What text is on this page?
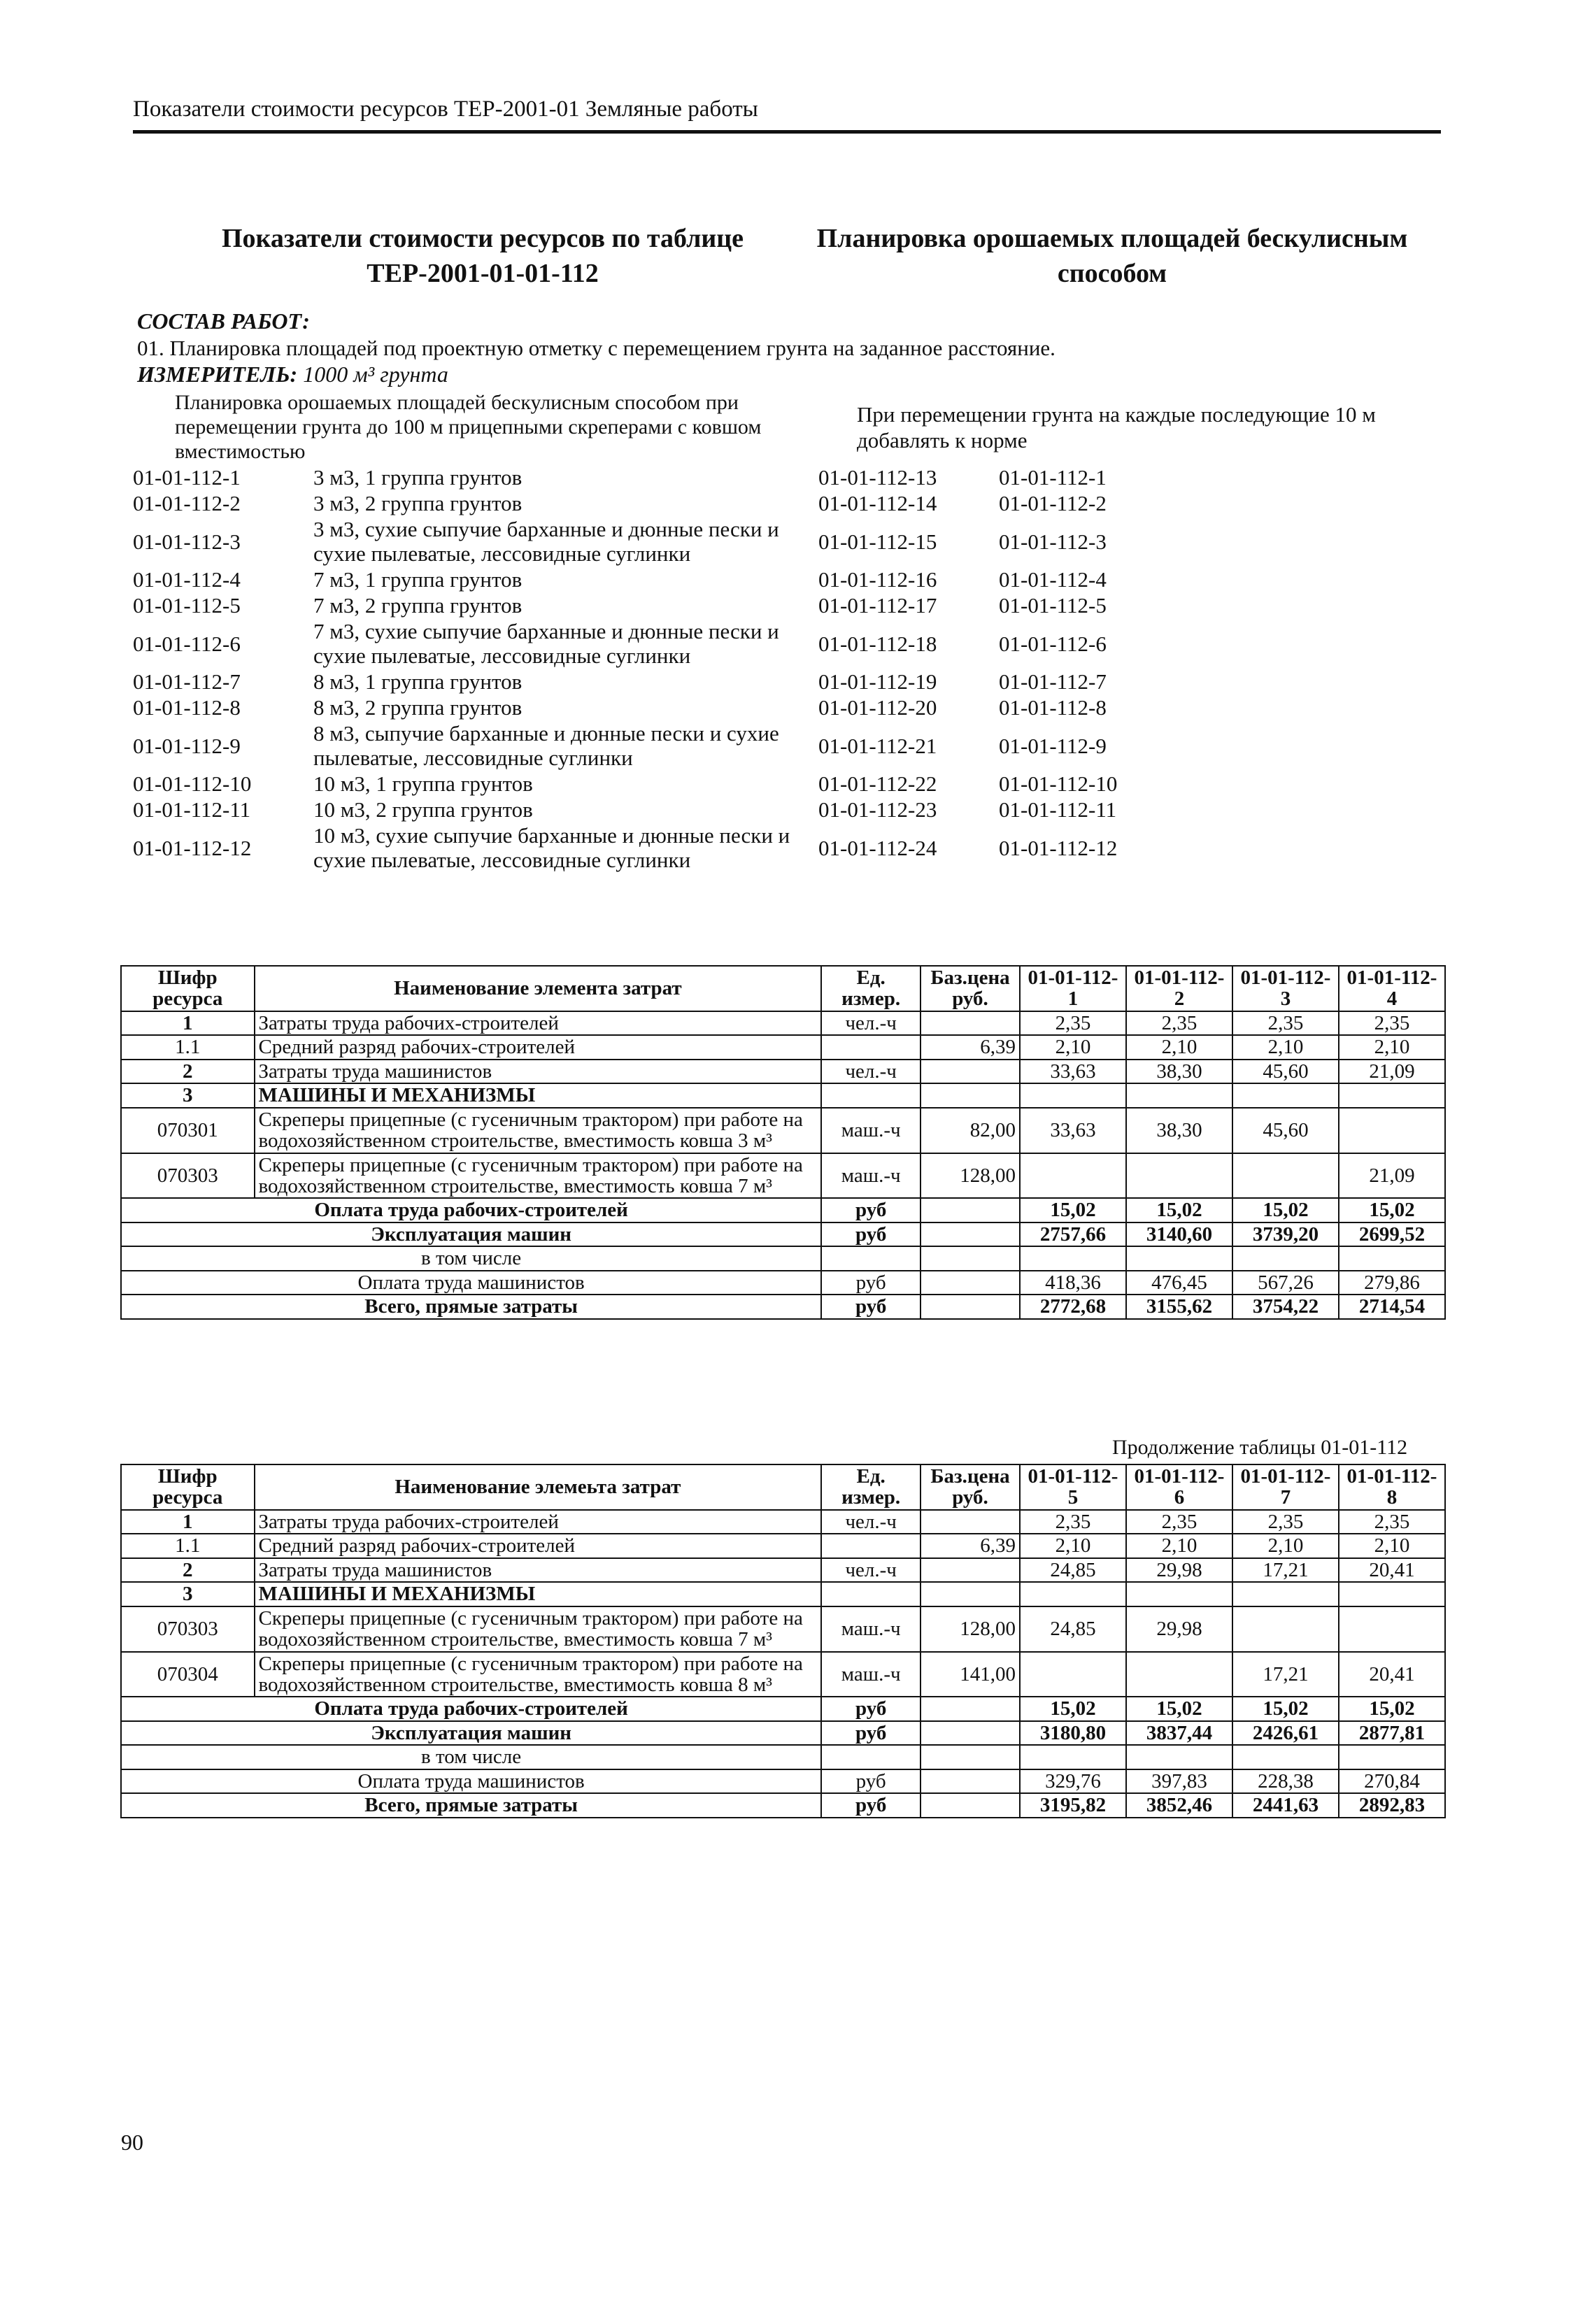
Показатели стоимости ресурсов ТЕР-2001-01 Земляные работы
Показатели стоимости ресурсов по таблице ТЕР-2001-01-01-112
Планировка орошаемых площадей бескулисным способом
СОСТАВ РАБОТ:
01. Планировка площадей под проектную отметку с перемещением грунта на заданное расстояние.
ИЗМЕРИТЕЛЬ: 1000 м³ грунта
Планировка орошаемых площадей бескулисным способом при перемещении грунта до 100 м прицепными скреперами с ковшом вместимостью
При перемещении грунта на каждые последующие 10 м добавлять к норме
01-01-112-1	3 м3, 1 группа грунтов	01-01-112-13	01-01-112-1
01-01-112-2	3 м3, 2 группа грунтов	01-01-112-14	01-01-112-2
01-01-112-3	3 м3, сухие сыпучие барханные и дюнные пески и сухие пылеватые, лессовидные суглинки	01-01-112-15	01-01-112-3
01-01-112-4	7 м3, 1 группа грунтов	01-01-112-16	01-01-112-4
01-01-112-5	7 м3, 2 группа грунтов	01-01-112-17	01-01-112-5
01-01-112-6	7 м3, сухие сыпучие барханные и дюнные пески и сухие пылеватые, лессовидные суглинки	01-01-112-18	01-01-112-6
01-01-112-7	8 м3, 1 группа грунтов	01-01-112-19	01-01-112-7
01-01-112-8	8 м3, 2 группа грунтов	01-01-112-20	01-01-112-8
01-01-112-9	8 м3, сыпучие барханные и дюнные пески и сухие пылеватые, лессовидные суглинки	01-01-112-21	01-01-112-9
01-01-112-10	10 м3, 1 группа грунтов	01-01-112-22	01-01-112-10
01-01-112-11	10 м3, 2 группа грунтов	01-01-112-23	01-01-112-11
01-01-112-12	10 м3, сухие сыпучие барханные и дюнные пески и сухие пылеватые, лессовидные суглинки	01-01-112-24	01-01-112-12
Шифр ресурса	Наименование элемента затрат	Ед. измер.	Баз.цена руб.	01-01-112-1	01-01-112-2	01-01-112-3	01-01-112-4
1	Затраты труда рабочих-строителей	чел.-ч		2,35	2,35	2,35	2,35
1.1	Средний разряд рабочих-строителей		6,39	2,10	2,10	2,10	2,10
2	Затраты труда машинистов	чел.-ч		33,63	38,30	45,60	21,09
3	МАШИНЫ И МЕХАНИЗМЫ						
070301	Скреперы прицепные (с гусеничным трактором) при работе на водохозяйственном строительстве, вместимость ковша 3 м³	маш.-ч	82,00	33,63	38,30	45,60	
070303	Скреперы прицепные (с гусеничным трактором) при работе на водохозяйственном строительстве, вместимость ковша 7 м³	маш.-ч	128,00				21,09
Оплата труда рабочих-строителей		руб		15,02	15,02	15,02	15,02
Эксплуатация машин		руб		2757,66	3140,60	3739,20	2699,52
в том числе							
Оплата труда машинистов		руб		418,36	476,45	567,26	279,86
Всего, прямые затраты		руб		2772,68	3155,62	3754,22	2714,54
Продолжение таблицы 01-01-112
Шифр ресурса	Наименование элемеьта затрат	Ед. измер.	Баз.цена руб.	01-01-112-5	01-01-112-6	01-01-112-7	01-01-112-8
1	Затраты труда рабочих-строителей	чел.-ч		2,35	2,35	2,35	2,35
1.1	Средний разряд рабочих-строителей		6,39	2,10	2,10	2,10	2,10
2	Затраты труда машинистов	чел.-ч		24,85	29,98	17,21	20,41
3	МАШИНЫ И МЕХАНИЗМЫ						
070303	Скреперы прицепные (с гусеничным трактором) при работе на водохозяйственном строительстве, вместимость ковша 7 м³	маш.-ч	128,00	24,85	29,98		
070304	Скреперы прицепные (с гусеничным трактором) при работе на водохозяйственном строительстве, вместимость ковша 8 м³	маш.-ч	141,00			17,21	20,41
Оплата труда рабочих-строителей		руб		15,02	15,02	15,02	15,02
Эксплуатация машин		руб		3180,80	3837,44	2426,61	2877,81
в том числе							
Оплата труда машинистов		руб		329,76	397,83	228,38	270,84
Всего, прямые затраты		руб		3195,82	3852,46	2441,63	2892,83
90
